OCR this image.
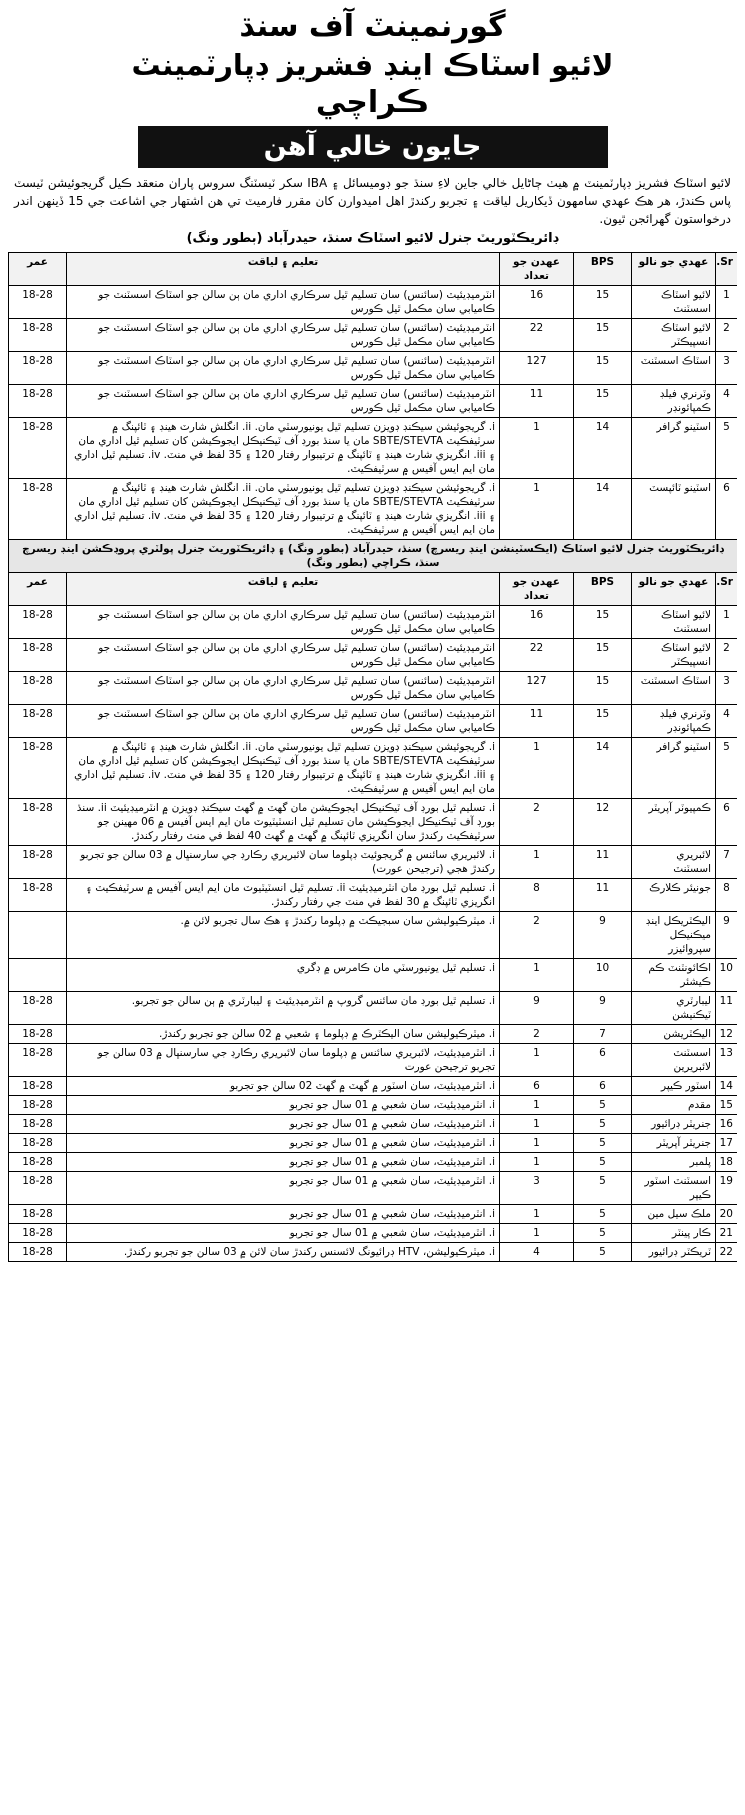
گورنمينٽ آف سنڌ
لائيو اسٽاڪ اينڊ فشريز ڊپارٽمينٽ
ڪراچي
جايون خالي آهن
لائيو اسٽاڪ فشريز ڊپارٽمينٽ ۾ هيٺ ڄاڻايل خالي جاين لاءِ سنڌ جو ڊوميسائل ۽ IBA سکر ٽيسٽنگ سروس پاران منعقد ڪيل گريجوئيشن ٽيسٽ پاس ڪندڙ، هر هڪ عهدي سامهون ڏيکاريل لياقت ۽ تجربو رکندڙ اهل اميدوارن کان مقرر فارميٽ تي هن اشتهار جي اشاعت جي 15 ڏينهن اندر درخواستون گهرائجن ٿيون.
ڊائريڪٽوريٽ جنرل لائيو اسٽاڪ سنڌ، حيدرآباد (بطور ونگ)
Sr.	عهدي جو نالو	BPS	عهدن جو تعداد	تعليم ۽ لياقت	عمر
1	لائيو اسٽاڪ اسسٽنٽ	15	16	انٽرميڊيئيٽ (سائنس) سان تسليم ٿيل سرڪاري اداري مان ٻن سالن جو اسٽاڪ اسسٽنٽ جو ڪاميابي سان مڪمل ٿيل ڪورس	18-28
2	لائيو اسٽاڪ انسپيڪٽر	15	22	انٽرميڊيئيٽ (سائنس) سان تسليم ٿيل سرڪاري اداري مان ٻن سالن جو اسٽاڪ اسسٽنٽ جو ڪاميابي سان مڪمل ٿيل ڪورس	18-28
3	اسٽاڪ اسسٽنٽ	15	127	انٽرميڊيئيٽ (سائنس) سان تسليم ٿيل سرڪاري اداري مان ٻن سالن جو اسٽاڪ اسسٽنٽ جو ڪاميابي سان مڪمل ٿيل ڪورس	18-28
4	وٽرنري فيلڊ ڪمپائونڊر	15	11	انٽرميڊيئيٽ (سائنس) سان تسليم ٿيل سرڪاري اداري مان ٻن سالن جو اسٽاڪ اسسٽنٽ جو ڪاميابي سان مڪمل ٿيل ڪورس	18-28
5	اسٽينو گرافر	14	1	i. گريجوئيشن سيڪنڊ ڊويزن تسليم ٿيل يونيورسٽي مان. ii. انگلش شارٽ هينڊ ۽ ٽائپنگ ۾ سرٽيفڪيٽ SBTE/STEVTA مان يا سنڌ بورڊ آف ٽيڪنيڪل ايجوڪيشن کان تسليم ٿيل اداري مان ۽ iii. انگريزي شارٽ هينڊ ۽ ٽائپنگ ۾ ترتيبوار رفتار 120 ۽ 35 لفظ في منٽ. iv. تسليم ٿيل اداري مان ايم ايس آفيس ۾ سرٽيفڪيٽ.	18-28
6	اسٽينو ٽائپسٽ	14	1	i. گريجوئيشن سيڪنڊ ڊويزن تسليم ٿيل يونيورسٽي مان. ii. انگلش شارٽ هينڊ ۽ ٽائپنگ ۾ سرٽيفڪيٽ SBTE/STEVTA مان يا سنڌ بورڊ آف ٽيڪنيڪل ايجوڪيشن کان تسليم ٿيل اداري مان ۽ iii. انگريزي شارٽ هينڊ ۽ ٽائپنگ ۾ ترتيبوار رفتار 120 ۽ 35 لفظ في منٽ. iv. تسليم ٿيل اداري مان ايم ايس آفيس ۾ سرٽيفڪيٽ.	18-28
ڊائريڪٽوريٽ جنرل لائيو اسٽاڪ (ايڪسٽينشن اينڊ ريسرچ) سنڌ، حيدرآباد (بطور ونگ) ۽ ڊائريڪٽوريٽ جنرل پولٽري پروڊڪشن اينڊ ريسرچ سنڌ، ڪراچي (بطور ونگ)					
Sr.	عهدي جو نالو	BPS	عهدن جو تعداد	تعليم ۽ لياقت	عمر
1	لائيو اسٽاڪ اسسٽنٽ	15	16	انٽرميڊيئيٽ (سائنس) سان تسليم ٿيل سرڪاري اداري مان ٻن سالن جو اسٽاڪ اسسٽنٽ جو ڪاميابي سان مڪمل ٿيل ڪورس	18-28
2	لائيو اسٽاڪ انسپيڪٽر	15	22	انٽرميڊيئيٽ (سائنس) سان تسليم ٿيل سرڪاري اداري مان ٻن سالن جو اسٽاڪ اسسٽنٽ جو ڪاميابي سان مڪمل ٿيل ڪورس	18-28
3	اسٽاڪ اسسٽنٽ	15	127	انٽرميڊيئيٽ (سائنس) سان تسليم ٿيل سرڪاري اداري مان ٻن سالن جو اسٽاڪ اسسٽنٽ جو ڪاميابي سان مڪمل ٿيل ڪورس	18-28
4	وٽرنري فيلڊ ڪمپائونڊر	15	11	انٽرميڊيئيٽ (سائنس) سان تسليم ٿيل سرڪاري اداري مان ٻن سالن جو اسٽاڪ اسسٽنٽ جو ڪاميابي سان مڪمل ٿيل ڪورس	18-28
5	اسٽينو گرافر	14	1	i. گريجوئيشن سيڪنڊ ڊويزن تسليم ٿيل يونيورسٽي مان. ii. انگلش شارٽ هينڊ ۽ ٽائپنگ ۾ سرٽيفڪيٽ SBTE/STEVTA مان يا سنڌ بورڊ آف ٽيڪنيڪل ايجوڪيشن کان تسليم ٿيل اداري مان ۽ iii. انگريزي شارٽ هينڊ ۽ ٽائپنگ ۾ ترتيبوار رفتار 120 ۽ 35 لفظ في منٽ. iv. تسليم ٿيل اداري مان ايم ايس آفيس ۾ سرٽيفڪيٽ.	18-28
6	ڪمپيوٽر آپريٽر	12	2	i. تسليم ٿيل بورڊ آف ٽيڪنيڪل ايجوڪيشن مان گهٽ ۾ گهٽ سيڪنڊ ڊويزن ۾ انٽرميڊيئيٽ ii. سنڌ بورڊ آف ٽيڪنيڪل ايجوڪيشن مان تسليم ٿيل انسٽيٽيوٽ مان ايم ايس آفيس ۾ 06 مهينن جو سرٽيفڪيٽ رکندڙ سان انگريزي ٽائپنگ ۾ گهٽ ۾ گهٽ 40 لفظ في منٽ رفتار رکندڙ.	18-28
7	لائبريري اسسٽنٽ	11	1	i. لائبريري سائنس ۾ گريجوئيٽ ڊپلوما سان لائبريري رڪارڊ جي سارسنڀال ۾ 03 سالن جو تجربو رکندڙ هجي (ترجيحن عورت)	18-28
8	جونيئر ڪلارڪ	11	8	i. تسليم ٿيل بورڊ مان انٽرميڊيئيٽ ii. تسليم ٿيل انسٽيٽيوٽ مان ايم ايس آفيس ۾ سرٽيفڪيٽ ۽ انگريزي ٽائپنگ ۾ 30 لفظ في منٽ جي رفتار رکندڙ.	18-28
9	اليڪٽريڪل اينڊ ميڪنيڪل سپروائيزر	9	2	i. ميٽرڪيوليشن سان سبجيڪٽ ۾ ڊپلوما رکندڙ ۽ هڪ سال تجربو لائن ۾.	
10	اڪائونٽنٽ ڪم ڪيشئر	10	1	i. تسليم ٿيل يونيورسٽي مان ڪامرس ۾ ڊگري	
11	ليبارٽري ٽيڪنيشن	9	9	i. تسليم ٿيل بورڊ مان سائنس گروپ ۾ انٽرميڊيئيٽ ۽ ليبارٽري ۾ ٻن سالن جو تجربو.	18-28
12	اليڪٽريشن	7	2	i. ميٽرڪيوليشن سان اليڪٽرڪ ۾ ڊپلوما ۽ شعبي ۾ 02 سالن جو تجربو رکندڙ.	18-28
13	اسسٽنٽ لائبريرين	6	1	i. انٽرميڊيئيٽ، لائبريري سائنس ۾ ڊپلوما سان لائبريري رڪارڊ جي سارسنڀال ۾ 03 سالن جو تجربو ترجيحن عورت	18-28
14	اسٽور ڪيپر	6	6	i. انٽرميڊيئيٽ، سان اسٽور ۾ گهٽ ۾ گهٽ 02 سالن جو تجربو	18-28
15	مقدم	5	1	i. انٽرميڊيئيٽ، سان شعبي ۾ 01 سال جو تجربو	18-28
16	جنريٽر ڊرائيور	5	1	i. انٽرميڊيئيٽ، سان شعبي ۾ 01 سال جو تجربو	18-28
17	جنريٽر آپريٽر	5	1	i. انٽرميڊيئيٽ، سان شعبي ۾ 01 سال جو تجربو	18-28
18	پلمبر	5	1	i. انٽرميڊيئيٽ، سان شعبي ۾ 01 سال جو تجربو	18-28
19	اسسٽنٽ اسٽور ڪيپر	5	3	i. انٽرميڊيئيٽ، سان شعبي ۾ 01 سال جو تجربو	18-28
20	ملڪ سيل مين	5	1	i. انٽرميڊيئيٽ، سان شعبي ۾ 01 سال جو تجربو	18-28
21	ڪار پينٽر	5	1	i. انٽرميڊيئيٽ، سان شعبي ۾ 01 سال جو تجربو	18-28
22	ٽريڪٽر ڊرائيور	5	4	i. ميٽرڪيوليشن، HTV ڊرائيونگ لائسنس رکندڙ سان لائن ۾ 03 سالن جو تجربو رکندڙ.	18-28
